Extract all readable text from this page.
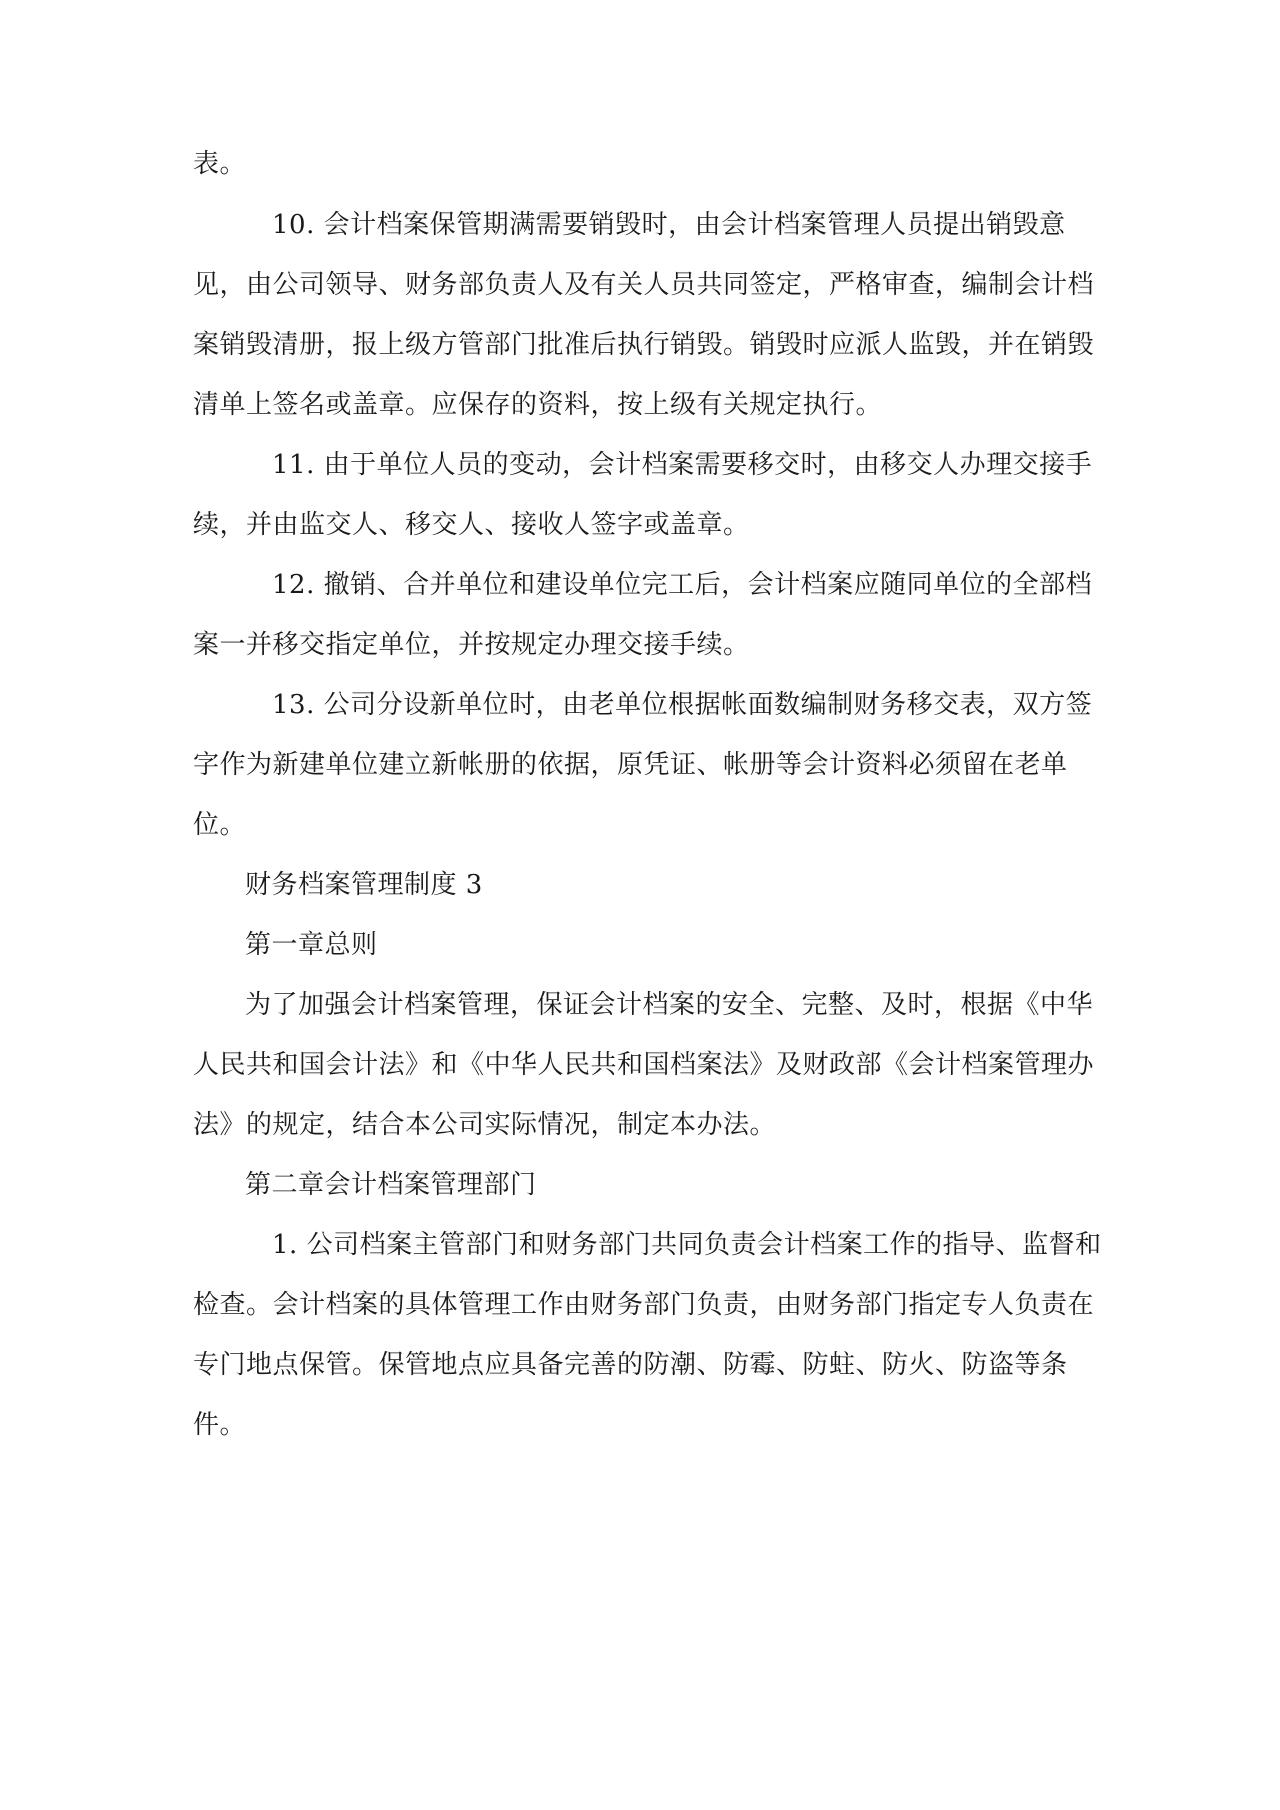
表。

10. 会计档案保管期满需要销毁时，由会计档案管理人员提出销毁意

见，由公司领导、财务部负责人及有关人员共同签定，严格审查，编制会计档

案销毁清册，报上级方管部门批准后执行销毁。销毁时应派人监毁，并在销毁

清单上签名或盖章。应保存的资料，按上级有关规定执行。

11. 由于单位人员的变动，会计档案需要移交时，由移交人办理交接手

续，并由监交人、移交人、接收人签字或盖章。

12. 撤销、合并单位和建设单位完工后，会计档案应随同单位的全部档

案一并移交指定单位，并按规定办理交接手续。

13. 公司分设新单位时，由老单位根据帐面数编制财务移交表，双方签

字作为新建单位建立新帐册的依据，原凭证、帐册等会计资料必须留在老单

位。

财务档案管理制度 3

第一章总则

为了加强会计档案管理，保证会计档案的安全、完整、及时，根据《中华

人民共和国会计法》和《中华人民共和国档案法》及财政部《会计档案管理办

法》的规定，结合本公司实际情况，制定本办法。

第二章会计档案管理部门

1. 公司档案主管部门和财务部门共同负责会计档案工作的指导、监督和

检查。会计档案的具体管理工作由财务部门负责，由财务部门指定专人负责在

专门地点保管。保管地点应具备完善的防潮、防霉、防蛀、防火、防盗等条

件。
